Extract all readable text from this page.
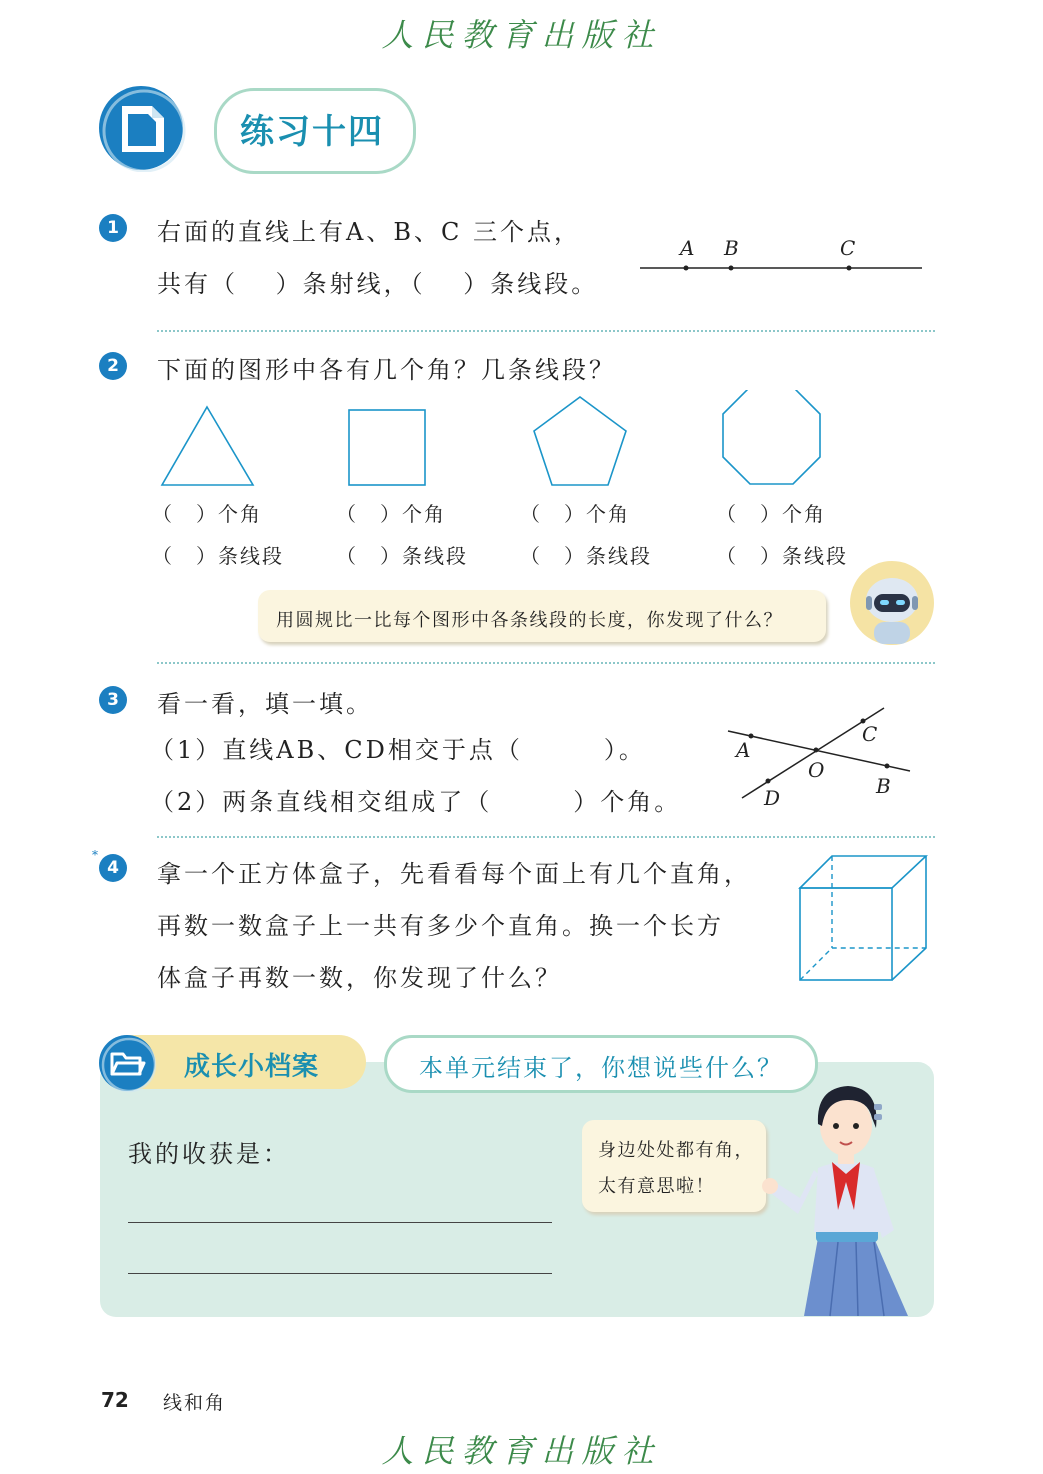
人民教育出版社
练习十四
1	右面的直线上有A、B、C 三个点，
共有（　 ）条射线，（　 ）条线段。
A B	C
2	下面的图形中各有几个角？几条线段？
（　）个角	（　）个角	（　）个角	（　）个角
（　）条线段	（　）条线段	（　）条线段	（　）条线段
用圆规比一比每个图形中各条线段的长度，你发现了什么？
3	看一看，填一填。
（1）直线AB、CD相交于点（　　　）。
（2）两条直线相交组成了（　　　）个角。
A
B
C
D
O
*
4	拿一个正方体盒子，先看看每个面上有几个直角，
再数一数盒子上一共有多少个直角。换一个长方
体盒子再数一数，你发现了什么？
成长小档案	本单元结束了，你想说些什么？
我的收获是：	身边处处都有角，
太有意思啦！
72 线和角
人民教育出版社
